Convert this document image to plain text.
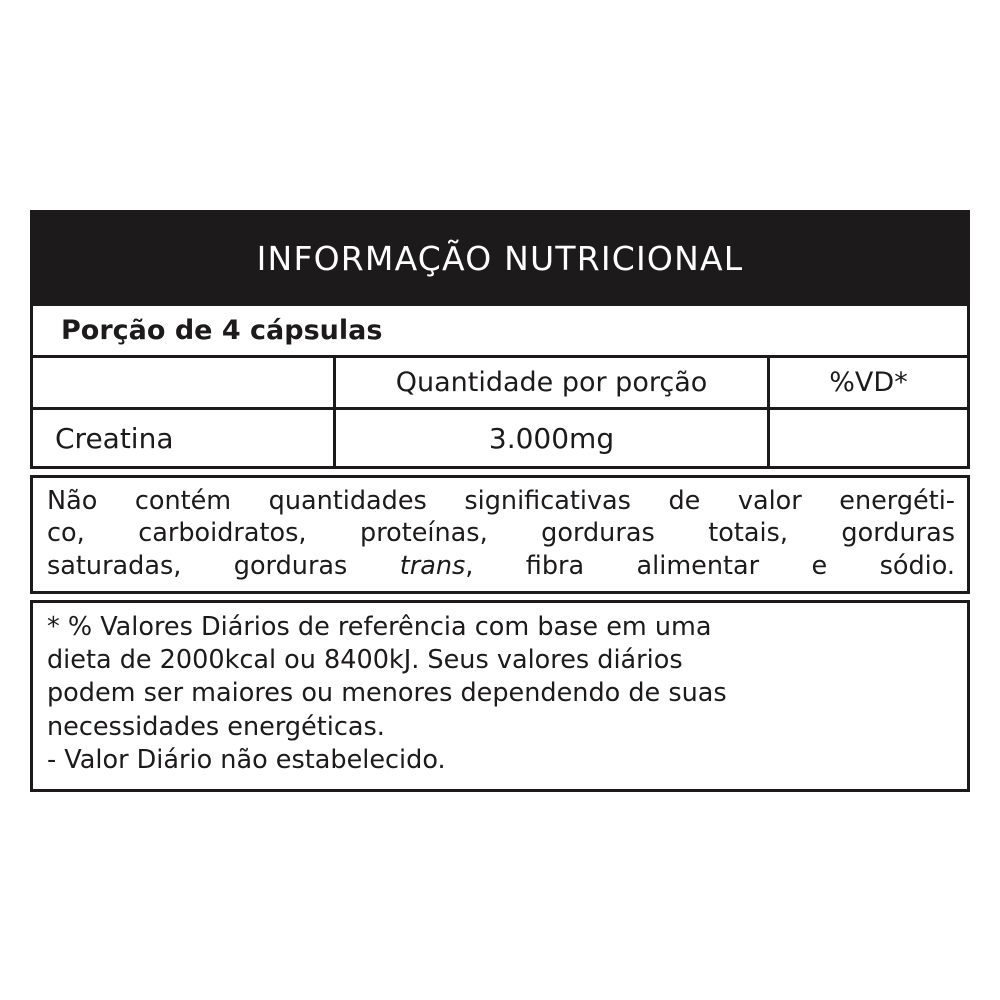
INFORMAÇÃO NUTRICIONAL
Porção de 4 cápsulas
Quantidade por porção	%VD*
Creatina	3.000mg
Não contém quantidades significativas de valor energéti-
co, carboidratos, proteínas, gorduras totais, gorduras
saturadas, gorduras trans, fibra alimentar e sódio.
* % Valores Diários de referência com base em uma
dieta de 2000kcal ou 8400kJ. Seus valores diários
podem ser maiores ou menores dependendo de suas
necessidades energéticas.
- Valor Diário não estabelecido.
